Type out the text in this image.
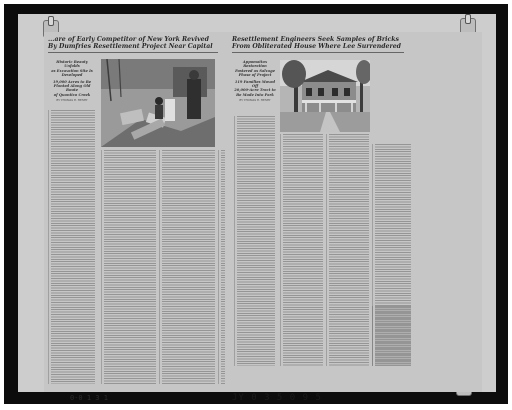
...are of Early Competitor of New York Revived

By Dumfries Resettlement Project Near Capital

Historic Beauty Unfolds
as Excavation Site Is
Developed

19,000 Acres to Be
Planted Along Old Route
of Quantico Creek

BY THOMAS R. HENRY

Resettlement Engineers Seek Samples of Bricks

From Obliterated House Where Lee Surrendered

Appomattox Restoration
Fostered as Salvage
Phase of Project

119 Families Moved Off
20,000-Acre Tract to
Be Made Into Park

BY THOMAS R. HENRY

0-0 1 3 1	JY 0 3 5 0 9 5
